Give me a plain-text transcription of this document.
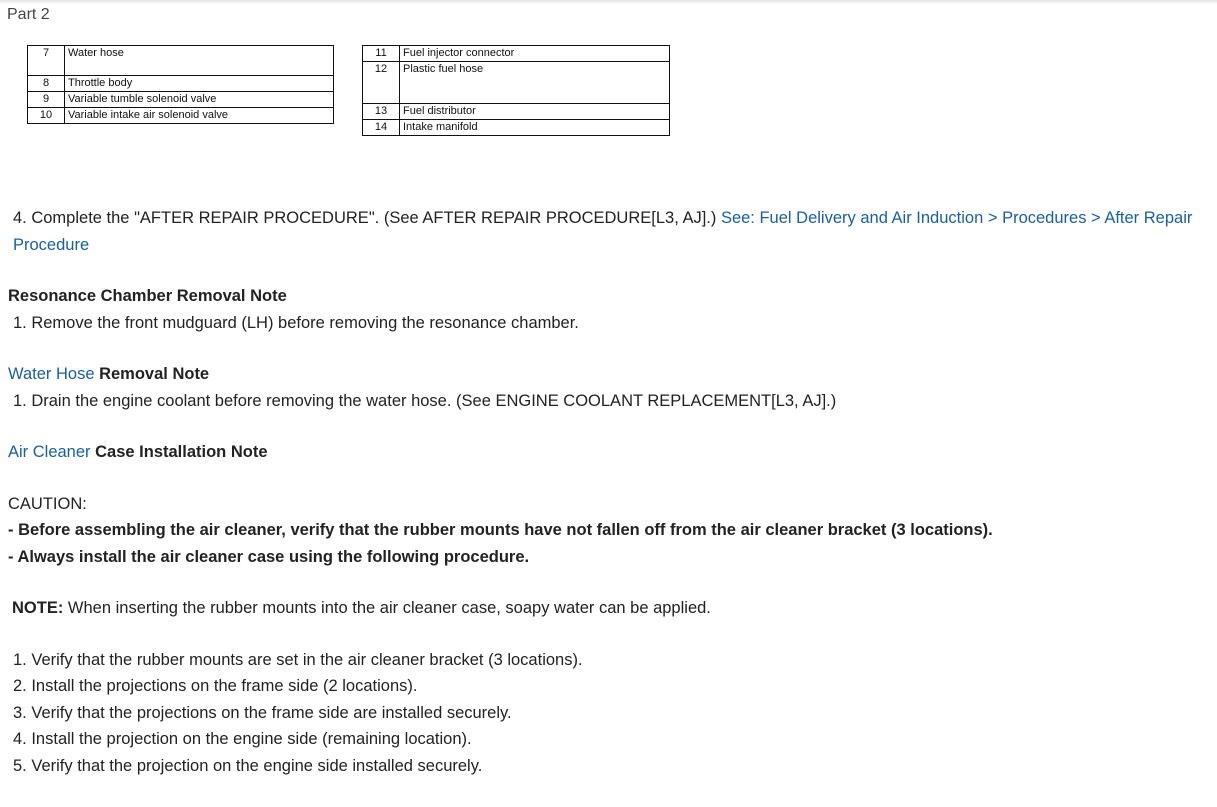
Part 2
7	Water hose
8	Throttle body
9	Variable tumble solenoid valve
10	Variable intake air solenoid valve
11	Fuel injector connector
12	Plastic fuel hose
13	Fuel distributor
14	Intake manifold
4. Complete the "AFTER REPAIR PROCEDURE". (See AFTER REPAIR PROCEDURE[L3, AJ].) See: Fuel Delivery and Air Induction > Procedures > After Repair Procedure
Resonance Chamber Removal Note
1. Remove the front mudguard (LH) before removing the resonance chamber.
Water Hose Removal Note
1. Drain the engine coolant before removing the water hose. (See ENGINE COOLANT REPLACEMENT[L3, AJ].)
Air Cleaner Case Installation Note
CAUTION:
- Before assembling the air cleaner, verify that the rubber mounts have not fallen off from the air cleaner bracket (3 locations).
- Always install the air cleaner case using the following procedure.
NOTE: When inserting the rubber mounts into the air cleaner case, soapy water can be applied.
1. Verify that the rubber mounts are set in the air cleaner bracket (3 locations).
2. Install the projections on the frame side (2 locations).
3. Verify that the projections on the frame side are installed securely.
4. Install the projection on the engine side (remaining location).
5. Verify that the projection on the engine side installed securely.
